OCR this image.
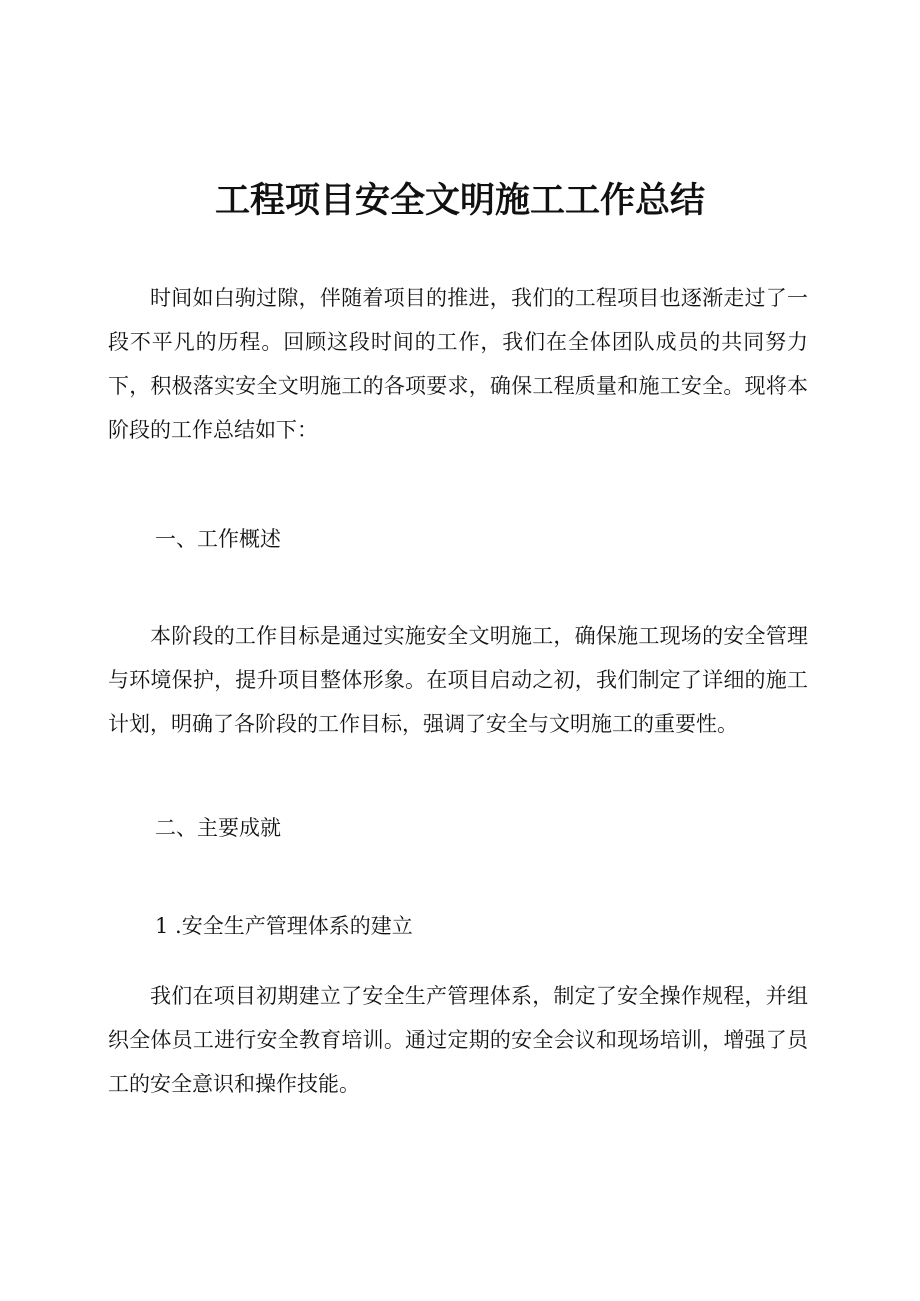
工程项目安全文明施工工作总结

时间如白驹过隙，伴随着项目的推进，我们的工程项目也逐渐走过了一段不平凡的历程。回顾这段时间的工作，我们在全体团队成员的共同努力下，积极落实安全文明施工的各项要求，确保工程质量和施工安全。现将本阶段的工作总结如下：

一、工作概述

本阶段的工作目标是通过实施安全文明施工，确保施工现场的安全管理与环境保护，提升项目整体形象。在项目启动之初，我们制定了详细的施工计划，明确了各阶段的工作目标，强调了安全与文明施工的重要性。

二、主要成就

1 .安全生产管理体系的建立

我们在项目初期建立了安全生产管理体系，制定了安全操作规程，并组织全体员工进行安全教育培训。通过定期的安全会议和现场培训，增强了员工的安全意识和操作技能。
